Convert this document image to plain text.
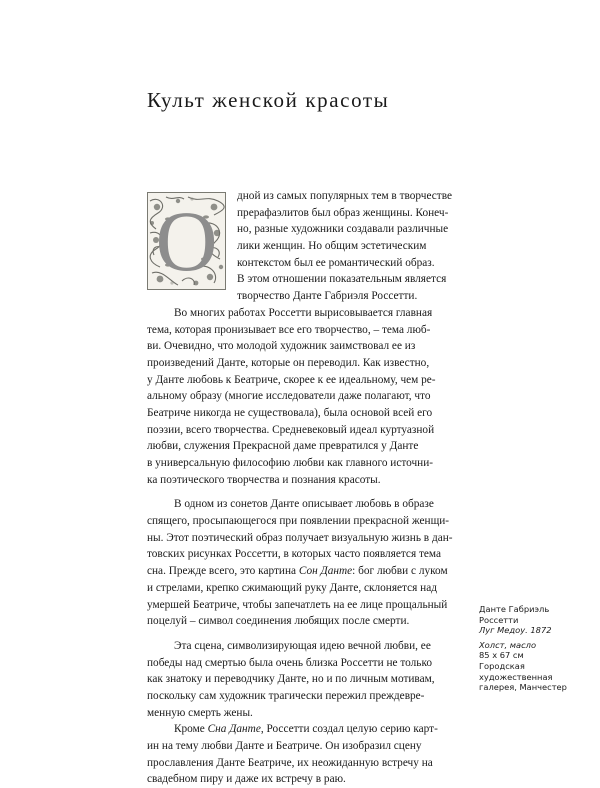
Культ женской красоты
О	дной из самых популярных тем в творчестве
прерафаэлитов был образ женщины. Конеч-
но, разные художники создавали различные
лики женщин. Но общим эстетическим
контекстом был ее романтический образ.
В этом отношении показательным является
творчество Данте Габриэля Россетти.
Во многих работах Россетти вырисовывается главная
тема, которая пронизывает все его творчество, – тема люб-
ви. Очевидно, что молодой художник заимствовал ее из
произведений Данте, которые он переводил. Как известно,
у Данте любовь к Беатриче, скорее к ее идеальному, чем ре-
альному образу (многие исследователи даже полагают, что
Беатриче никогда не существовала), была основой всей его
поэзии, всего творчества. Средневековый идеал куртуазной
любви, служения Прекрасной даме превратился у Данте
в универсальную философию любви как главного источни-
ка поэтического творчества и познания красоты.
В одном из сонетов Данте описывает любовь в образе
спящего, просыпающегося при появлении прекрасной женщи-
ны. Этот поэтический образ получает визуальную жизнь в дан-
товских рисунках Россетти, в которых часто появляется тема
сна. Прежде всего, это картина Сон Данте: бог любви с луком
и стрелами, крепко сжимающий руку Данте, склоняется над
умершей Беатриче, чтобы запечатлеть на ее лице прощальный
поцелуй – символ соединения любящих после смерти.
Эта сцена, символизирующая идею вечной любви, ее
победы над смертью была очень близка Россетти не только
как знатоку и переводчику Данте, но и по личным мотивам,
поскольку сам художник трагически пережил преждевре-
менную смерть жены.
Кроме Сна Данте, Россетти создал целую серию карт-
ин на тему любви Данте и Беатриче. Он изобразил сцену
прославления Данте Беатриче, их неожиданную встречу на
свадебном пиру и даже их встречу в раю.
Данте Габриэль
Россетти
Луг Медоу. 1872
Холст, масло
85 х 67 см
Городская
художественная
галерея, Манчестер
